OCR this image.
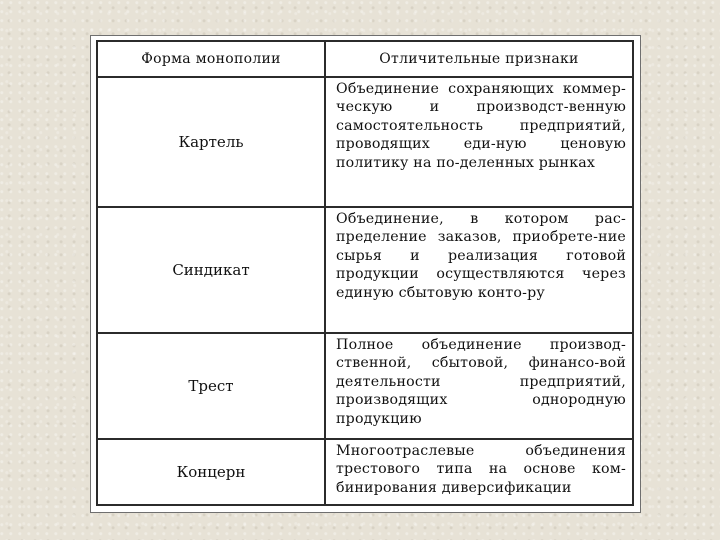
Форма монополии	Отличительные признаки
Картель	Объединение сохраняющих коммер-ческую и производст-венную самостоятельность предприятий, проводящих еди-ную ценовую политику на по-деленных рынках
Синдикат	Объединение, в котором рас-пределение заказов, приобрете-ние сырья и реализация готовой продукции осуществляются через единую сбытовую конто-ру
Трест	Полное объединение производ-ственной, сбытовой, финансо-вой деятельности предприятий, производящих однородную продукцию
Концерн	Многоотраслевые объединения трестового типа на основе ком-бинирования диверсификации
